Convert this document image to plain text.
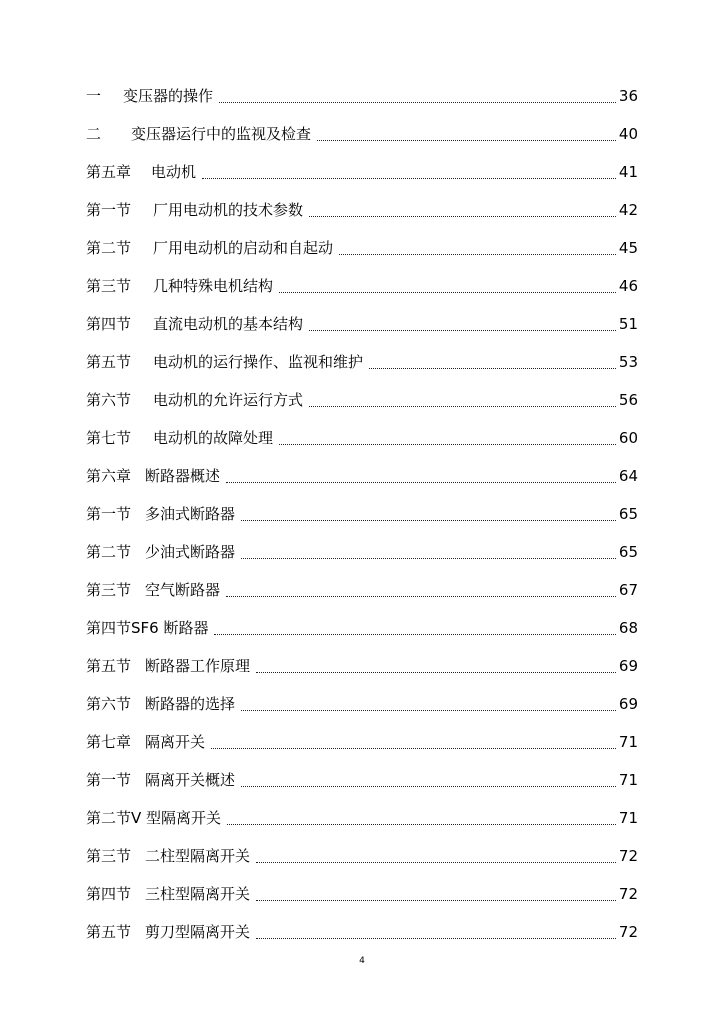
一 变压器的操作	36
二 变压器运行中的监视及检查	40
第五章 电动机	41
第一节 厂用电动机的技术参数	42
第二节 厂用电动机的启动和自起动	45
第三节 几种特殊电机结构	46
第四节 直流电动机的基本结构	51
第五节 电动机的运行操作、监视和维护	53
第六节 电动机的允许运行方式	56
第七节 电动机的故障处理	60
第六章 断路器概述	64
第一节 多油式断路器	65
第二节 少油式断路器	65
第三节 空气断路器	67
第四节SF6 断路器	68
第五节 断路器工作原理	69
第六节 断路器的选择	69
第七章 隔离开关	71
第一节 隔离开关概述	71
第二节V 型隔离开关	71
第三节 二柱型隔离开关	72
第四节 三柱型隔离开关	72
第五节 剪刀型隔离开关	72
4
